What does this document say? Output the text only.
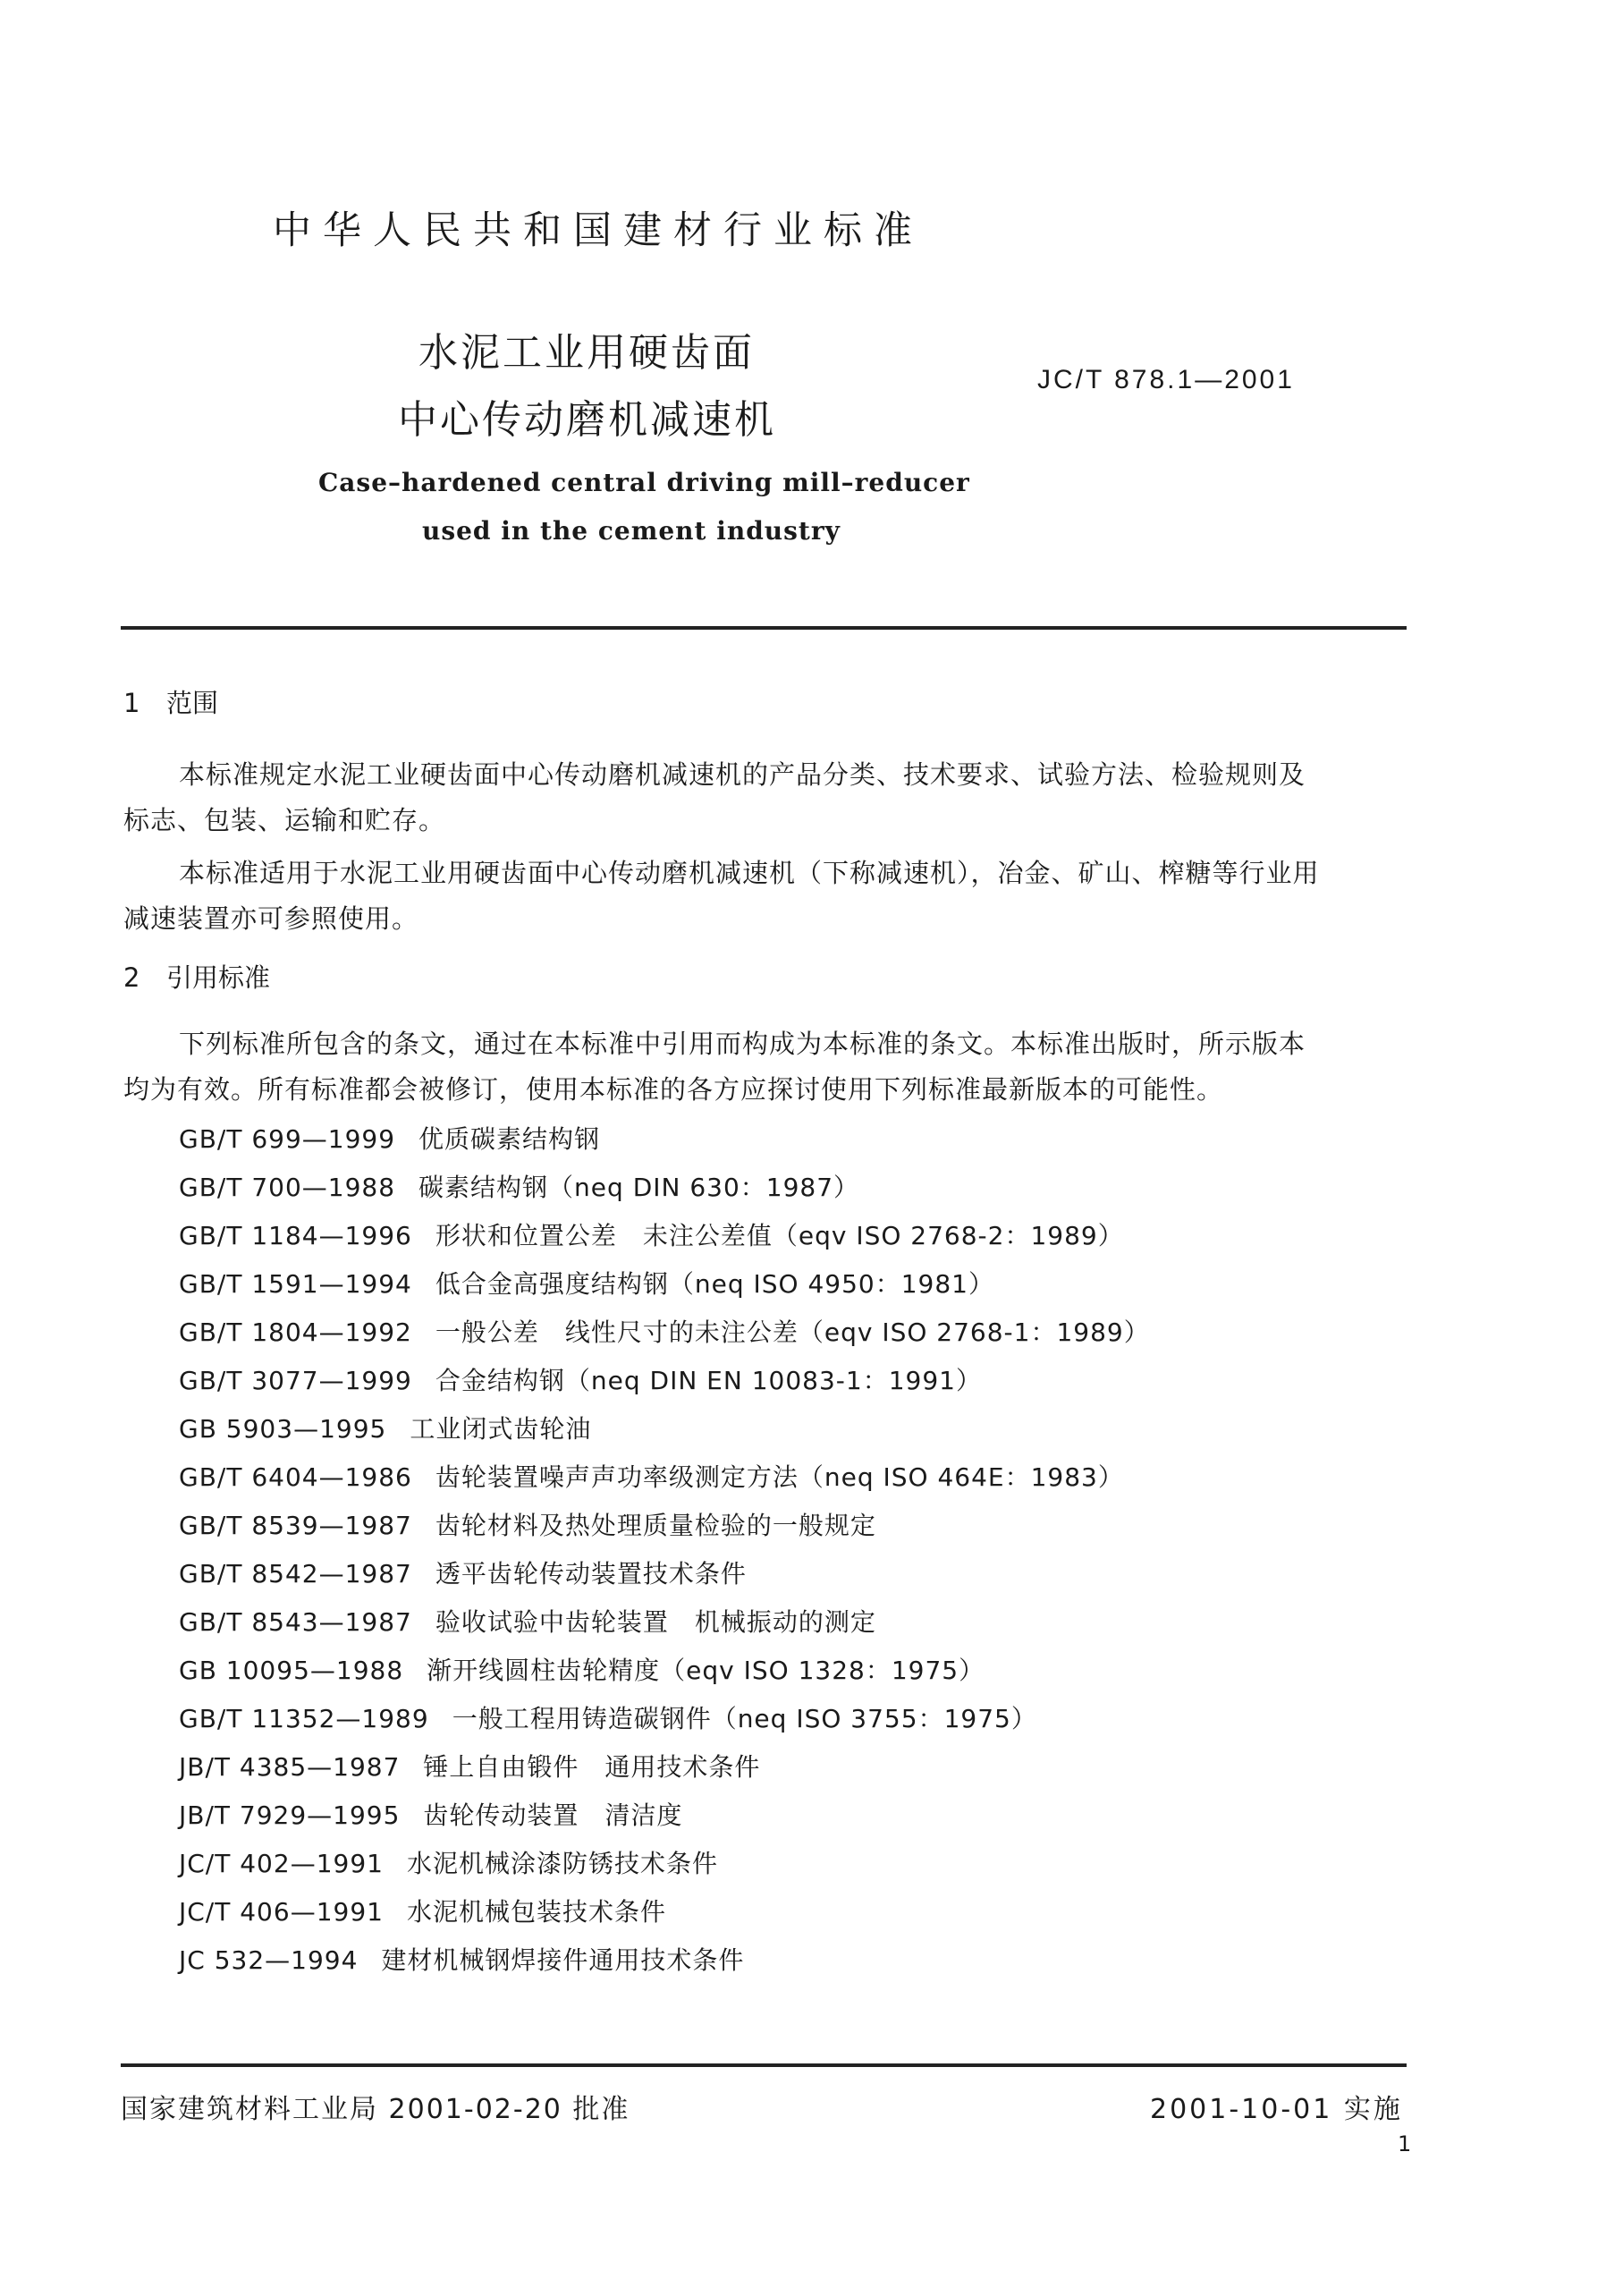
中华人民共和国建材行业标准
水泥工业用硬齿面
中心传动磨机减速机
JC/T 878.1—2001
Case–hardened central driving mill–reducer
used in the cement industry
1 范围
本标准规定水泥工业硬齿面中心传动磨机减速机的产品分类、技术要求、试验方法、检验规则及
标志、包装、运输和贮存。
本标准适用于水泥工业用硬齿面中心传动磨机减速机（下称减速机），冶金、矿山、榨糖等行业用
减速装置亦可参照使用。
2 引用标准
下列标准所包含的条文，通过在本标准中引用而构成为本标准的条文。本标准出版时，所示版本
均为有效。所有标准都会被修订，使用本标准的各方应探讨使用下列标准最新版本的可能性。
GB/T 699—1999 优质碳素结构钢
GB/T 700—1988 碳素结构钢（neq DIN 630：1987）
GB/T 1184—1996 形状和位置公差　未注公差值（eqv ISO 2768-2：1989）
GB/T 1591—1994 低合金高强度结构钢（neq ISO 4950：1981）
GB/T 1804—1992 一般公差　线性尺寸的未注公差（eqv ISO 2768-1：1989）
GB/T 3077—1999 合金结构钢（neq DIN EN 10083-1：1991）
GB 5903—1995 工业闭式齿轮油
GB/T 6404—1986 齿轮装置噪声声功率级测定方法（neq ISO 464E：1983）
GB/T 8539—1987 齿轮材料及热处理质量检验的一般规定
GB/T 8542—1987 透平齿轮传动装置技术条件
GB/T 8543—1987 验收试验中齿轮装置　机械振动的测定
GB 10095—1988 渐开线圆柱齿轮精度（eqv ISO 1328：1975）
GB/T 11352—1989 一般工程用铸造碳钢件（neq ISO 3755：1975）
JB/T 4385—1987 锤上自由锻件　通用技术条件
JB/T 7929—1995 齿轮传动装置　清洁度
JC/T 402—1991 水泥机械涂漆防锈技术条件
JC/T 406—1991 水泥机械包装技术条件
JC 532—1994 建材机械钢焊接件通用技术条件
国家建筑材料工业局 2001-02-20 批准	2001-10-01 实施
1
